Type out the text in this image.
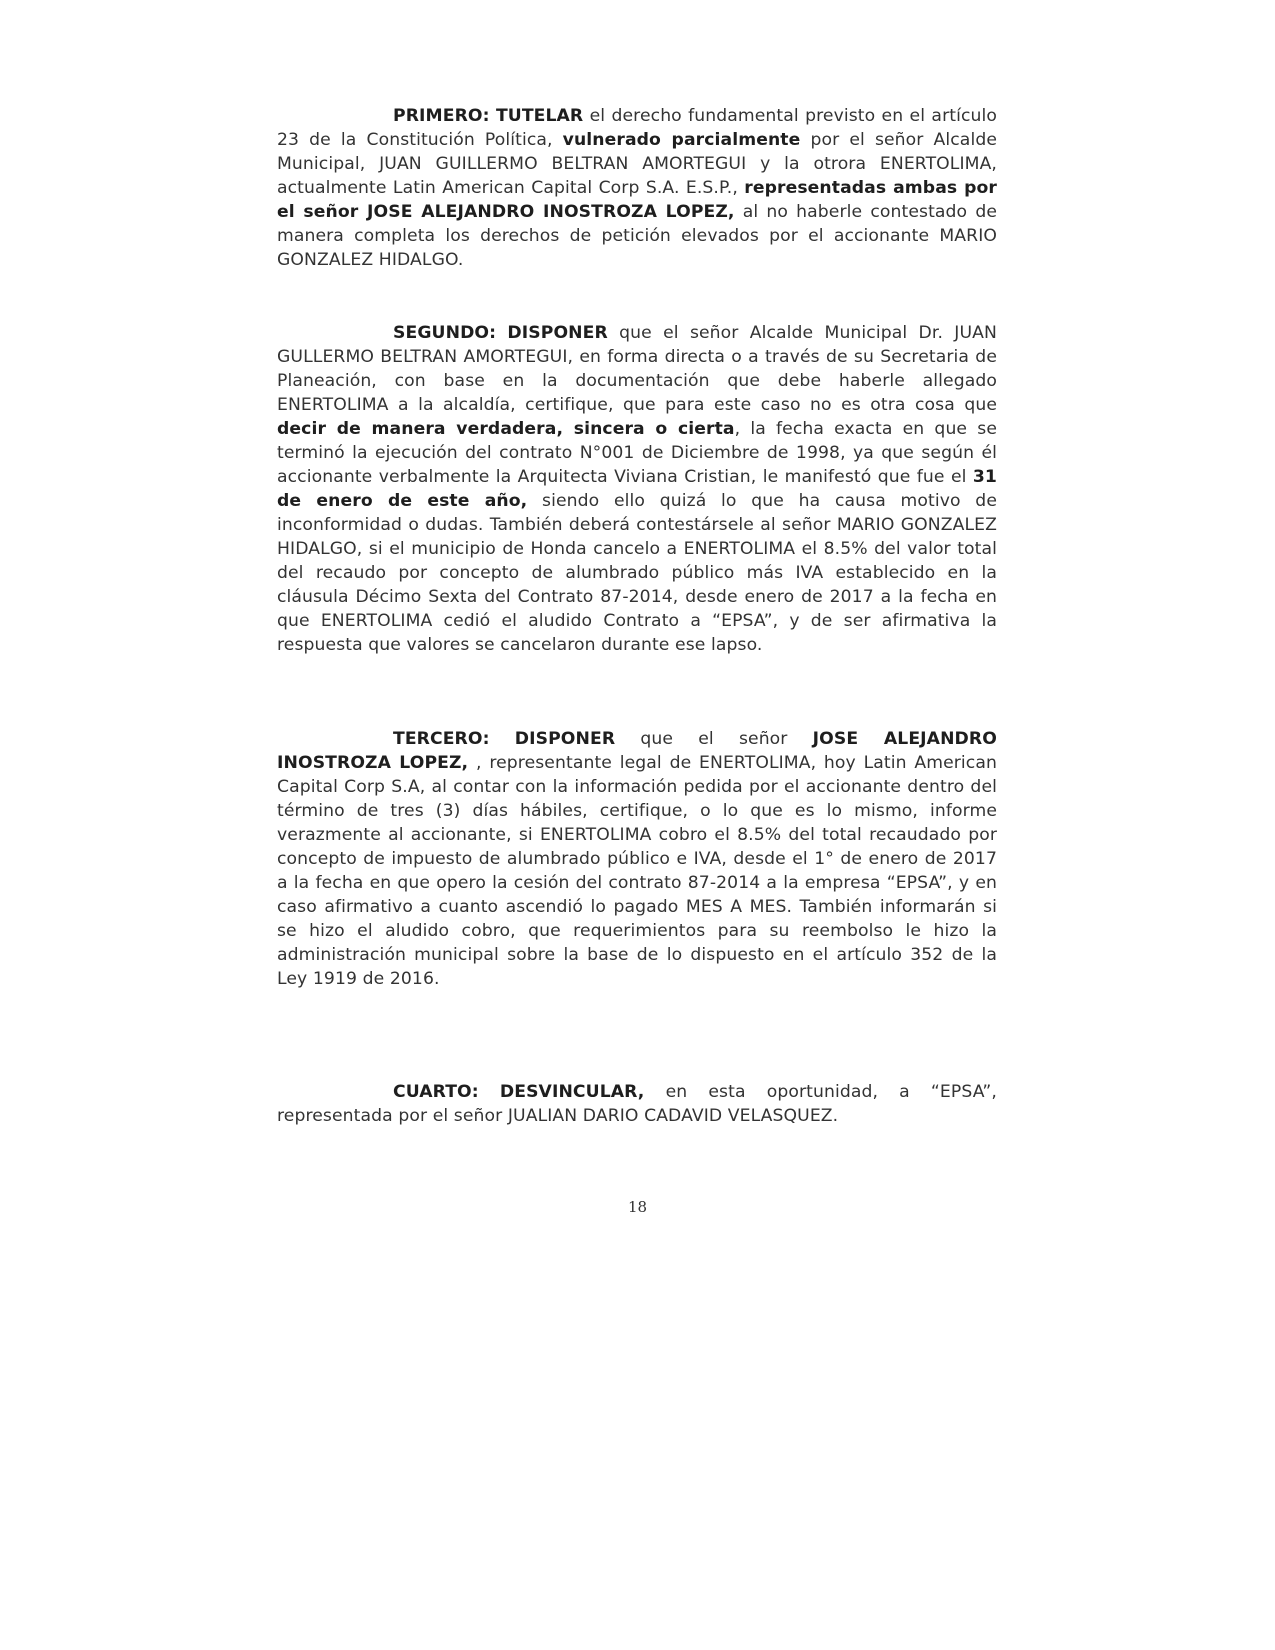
PRIMERO: TUTELAR el derecho fundamental previsto en el artículo 23 de la Constitución Política, vulnerado parcialmente por el señor Alcalde Municipal, JUAN GUILLERMO BELTRAN AMORTEGUI y la otrora ENERTOLIMA, actualmente Latin American Capital Corp S.A. E.S.P., representadas ambas por el señor JOSE ALEJANDRO INOSTROZA LOPEZ, al no haberle contestado de manera completa los derechos de petición elevados por el accionante MARIO GONZALEZ HIDALGO.

SEGUNDO: DISPONER que el señor Alcalde Municipal Dr. JUAN GULLERMO BELTRAN AMORTEGUI, en forma directa o a través de su Secretaria de Planeación, con base en la documentación que debe haberle allegado ENERTOLIMA a la alcaldía, certifique, que para este caso no es otra cosa que decir de manera verdadera, sincera o cierta, la fecha exacta en que se terminó la ejecución del contrato N°001 de Diciembre de 1998, ya que según él accionante verbalmente la Arquitecta Viviana Cristian, le manifestó que fue el 31 de enero de este año, siendo ello quizá lo que ha causa motivo de inconformidad o dudas. También deberá contestársele al señor MARIO GONZALEZ HIDALGO, si el municipio de Honda cancelo a ENERTOLIMA el 8.5% del valor total del recaudo por concepto de alumbrado público más IVA establecido en la cláusula Décimo Sexta del Contrato 87-2014, desde enero de 2017 a la fecha en que ENERTOLIMA cedió el aludido Contrato a “EPSA”, y de ser afirmativa la respuesta que valores se cancelaron durante ese lapso.

TERCERO: DISPONER que el señor JOSE ALEJANDRO INOSTROZA LOPEZ, , representante legal de ENERTOLIMA, hoy Latin American Capital Corp S.A, al contar con la información pedida por el accionante dentro del término de tres (3) días hábiles, certifique, o lo que es lo mismo, informe verazmente al accionante, si ENERTOLIMA cobro el 8.5% del total recaudado por concepto de impuesto de alumbrado público e IVA, desde el 1° de enero de 2017 a la fecha en que opero la cesión del contrato 87-2014 a la empresa “EPSA”, y en caso afirmativo a cuanto ascendió lo pagado MES A MES. También informarán si se hizo el aludido cobro, que requerimientos para su reembolso le hizo la administración municipal sobre la base de lo dispuesto en el artículo 352 de la Ley 1919 de 2016.

CUARTO: DESVINCULAR, en esta oportunidad, a “EPSA”, representada por el señor JUALIAN DARIO CADAVID VELASQUEZ.

18
